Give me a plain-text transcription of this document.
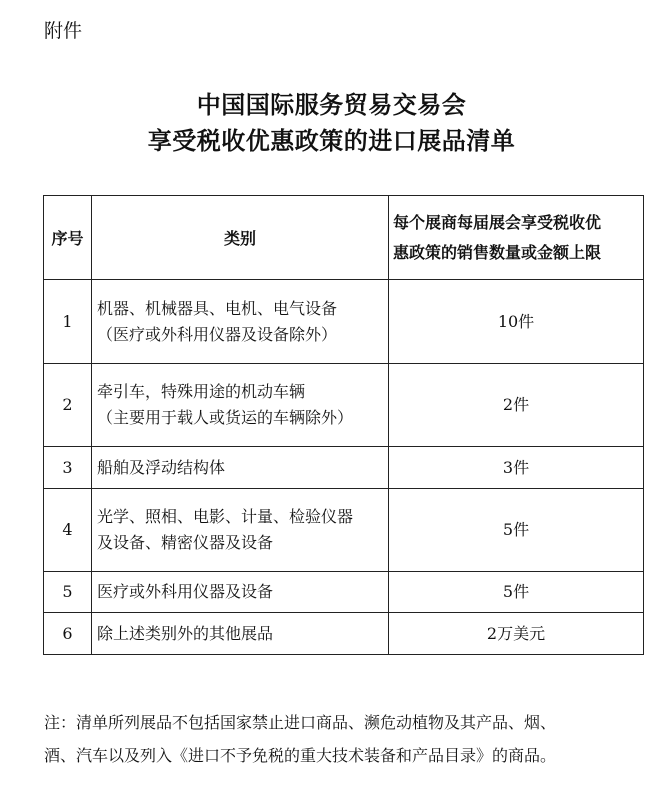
附件
中国国际服务贸易交易会
享受税收优惠政策的进口展品清单
序号	类别	每个展商每届展会享受税收优
惠政策的销售数量或金额上限

1	机器、机械器具、电机、电气设备
（医疗或外科用仪器及设备除外）	10件
2	牵引车，特殊用途的机动车辆
（主要用于载人或货运的车辆除外）	2件
3	船舶及浮动结构体	3件
4	光学、照相、电影、计量、检验仪器
及设备、精密仪器及设备	5件
5	医疗或外科用仪器及设备	5件
6	除上述类别外的其他展品	2万美元
注：清单所列展品不包括国家禁止进口商品、濒危动植物及其产品、烟、
酒、汽车以及列入《进口不予免税的重大技术装备和产品目录》的商品。
